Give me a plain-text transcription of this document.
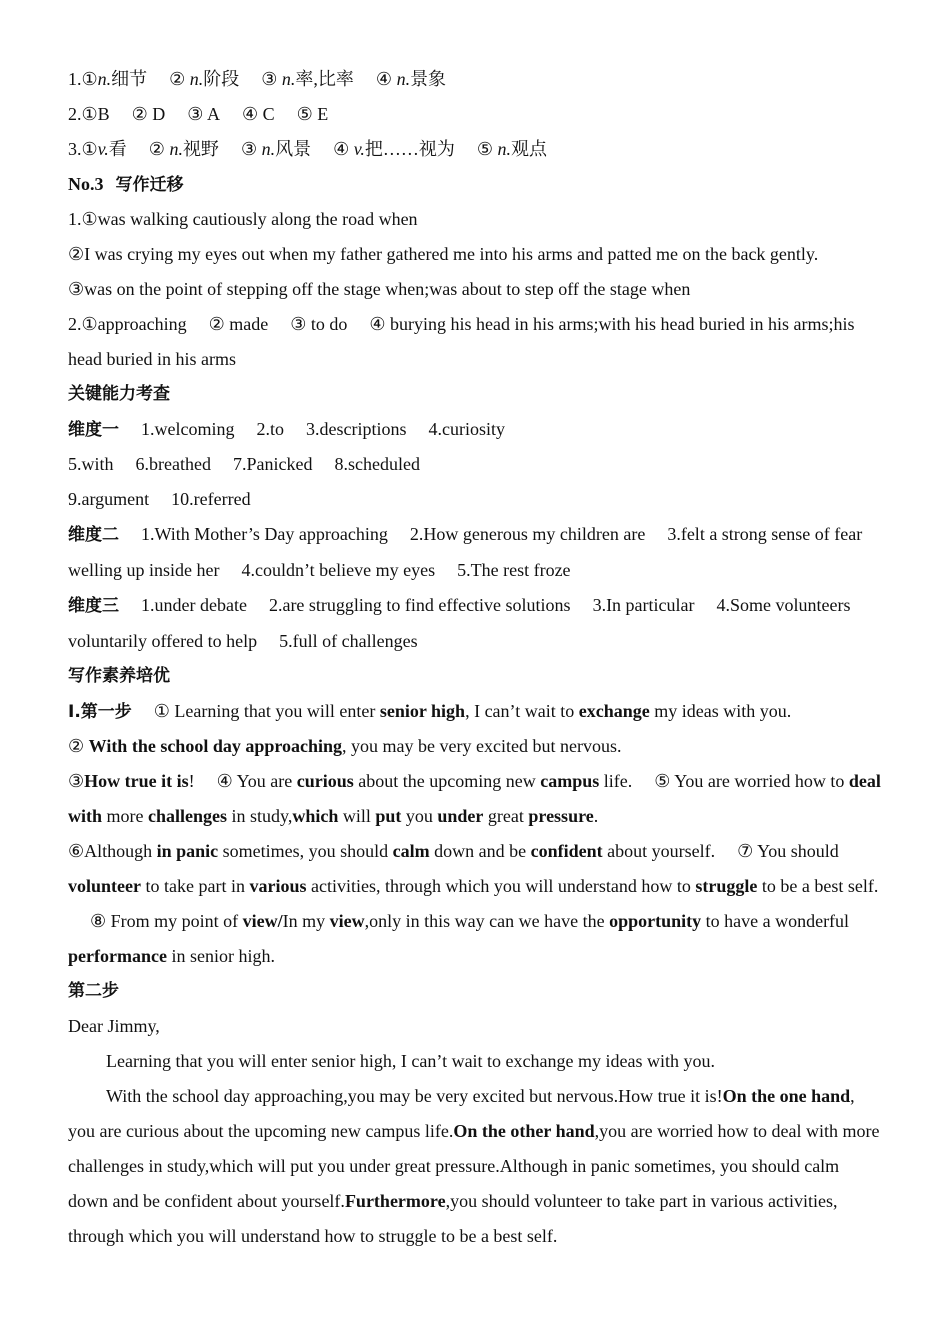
1.①n.细节 ② n.阶段 ③ n.率,比率 ④ n.景象
2.①B ② D ③ A ④ C ⑤ E
3.①v.看 ② n.视野 ③ n.风景 ④ v.把……视为 ⑤ n.观点
No.3 写作迁移
1.①was walking cautiously along the road when
②I was crying my eyes out when my father gathered me into his arms and patted me on the back gently.
③was on the point of stepping off the stage when;was about to step off the stage when
2.①approaching ② made ③ to do ④ burying his head in his arms;with his head buried in his arms;his head buried in his arms
关键能力考查
维度一 1.welcoming 2.to 3.descriptions 4.curiosity
5.with 6.breathed 7.Panicked 8.scheduled
9.argument 10.referred
维度二 1.With Mother’s Day approaching 2.How generous my children are 3.felt a strong sense of fear welling up inside her 4.couldn’t believe my eyes 5.The rest froze
维度三 1.under debate 2.are struggling to find effective solutions 3.In particular 4.Some volunteers voluntarily offered to help 5.full of challenges
写作素养培优
Ⅰ.第一步 ① Learning that you will enter senior high, I can’t wait to exchange my ideas with you.
② With the school day approaching, you may be very excited but nervous.
③How true it is! ④ You are curious about the upcoming new campus life. ⑤ You are worried how to deal with more challenges in study,which will put you under great pressure.
⑥Although in panic sometimes, you should calm down and be confident about yourself. ⑦ You should volunteer to take part in various activities, through which you will understand how to struggle to be a best self.⑧ From my point of view/In my view,only in this way can we have the opportunity to have a wonderful performance in senior high.
第二步
Dear Jimmy,
Learning that you will enter senior high, I can’t wait to exchange my ideas with you.
With the school day approaching,you may be very excited but nervous.How true it is!On the one hand, you are curious about the upcoming new campus life.On the other hand,you are worried how to deal with more challenges in study,which will put you under great pressure.Although in panic sometimes, you should calm down and be confident about yourself.Furthermore,you should volunteer to take part in various activities, through which you will understand how to struggle to be a best self.
